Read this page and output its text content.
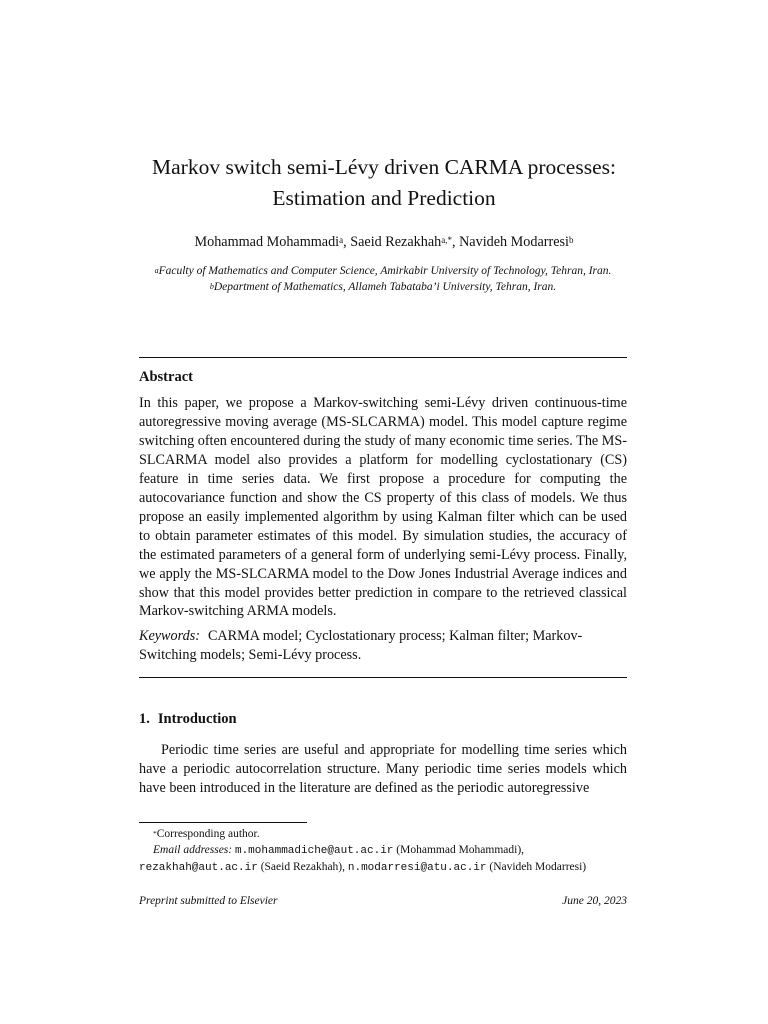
Markov switch semi-Lévy driven CARMA processes:
Estimation and Prediction
Mohammad Mohammadi$^a$, Saeid Rezakhah$^{a,*}$, Navideh Modarresi$^b$
$^a$Faculty of Mathematics and Computer Science, Amirkabir University of Technology, Tehran, Iran.
$^b$Department of Mathematics, Allameh Tabataba’i University, Tehran, Iran.
Abstract
In this paper, we propose a Markov-switching semi-Lévy driven continuous-time autoregressive moving average (MS-SLCARMA) model. This model capture regime switching often encountered during the study of many economic time series. The MS-SLCARMA model also provides a platform for modelling cyclostationary (CS) feature in time series data. We first propose a procedure for computing the autocovariance function and show the CS property of this class of models. We thus propose an easily implemented algorithm by using Kalman filter which can be used to obtain parameter estimates of this model. By simulation studies, the accuracy of the estimated parameters of a general form of underlying semi-Lévy process. Finally, we apply the MS-SLCARMA model to the Dow Jones Industrial Average indices and show that this model provides better prediction in compare to the retrieved classical Markov-switching ARMA models.
Keywords: CARMA model; Cyclostationary process; Kalman filter; Markov-Switching models; Semi-Lévy process.
1. Introduction
Periodic time series are useful and appropriate for modelling time series which have a periodic autocorrelation structure. Many periodic time series models which have been introduced in the literature are defined as the periodic autoregressive
*Corresponding author.
Email addresses: m.mohammadiche@aut.ac.ir (Mohammad Mohammadi),
rezakhah@aut.ac.ir (Saeid Rezakhah), n.modarresi@atu.ac.ir (Navideh Modarresi)
Preprint submitted to Elsevier	June 20, 2023
